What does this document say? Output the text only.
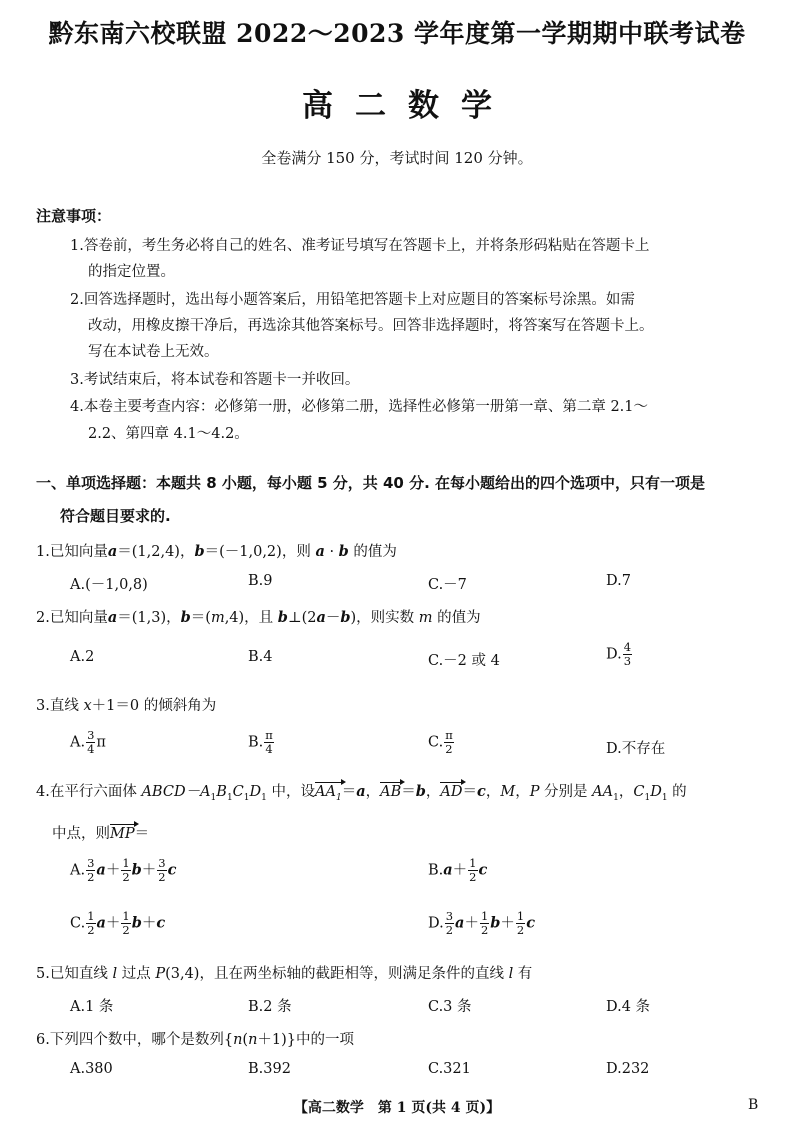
黔东南六校联盟 2022～2023 学年度第一学期期中联考试卷
高二数学
全卷满分 150 分，考试时间 120 分钟。
注意事项：
1.答卷前，考生务必将自己的姓名、准考证号填写在答题卡上，并将条形码粘贴在答题卡上
的指定位置。
2.回答选择题时，选出每小题答案后，用铅笔把答题卡上对应题目的答案标号涂黑。如需
改动，用橡皮擦干净后，再选涂其他答案标号。回答非选择题时，将答案写在答题卡上。
写在本试卷上无效。
3.考试结束后，将本试卷和答题卡一并收回。
4.本卷主要考查内容：必修第一册，必修第二册，选择性必修第一册第一章、第二章 2.1～
2.2、第四章 4.1～4.2。
一、单项选择题：本题共 8 小题，每小题 5 分，共 40 分. 在每小题给出的四个选项中，只有一项是
符合题目要求的.
1.已知向量a＝(1,2,4)，b＝(－1,0,2)，则 a · b 的值为
A.(－1,0,8)	B.9	C.－7	D.7
2.已知向量a＝(1,3)，b＝(m,4)，且 b⊥(2a－b)，则实数 m 的值为
A.2	B.4	C.－2 或 4	D. $\frac{4}{3}$
3.直线 x＋1＝0 的倾斜角为
A. $\frac{3}{4}$ π	B. $\frac{\pi}{4}$	C. $\frac{\pi}{2}$	D.不存在
4.在平行六面体 $ABCD-A_1B_1C_1D_1$ 中，设$AA_1=a$，AB＝b，AD＝c，M，P 分别是 $AA_1$，$C_1D_1$ 的
中点，则MP＝
A. $\frac{3}{2} a+ \frac{1}{2} b+ \frac{3}{2}$ c	$B.a+ \frac{1}{2}$ c
C. $\frac{1}{2} a+ \frac{1}{2} b+c$	D. $\frac{3}{2} a+ \frac{1}{2} b+ \frac{1}{2}$ c
5.已知直线 l 过点 P(3,4)，且在两坐标轴的截距相等，则满足条件的直线 l 有
A.1 条	B.2 条	C.3 条	D.4 条
6.下列四个数中，哪个是数列{n(n＋1)}中的一项
A.380	B.392	C.321	D.232
【高二数学　第 1 页(共 4 页)】	B
